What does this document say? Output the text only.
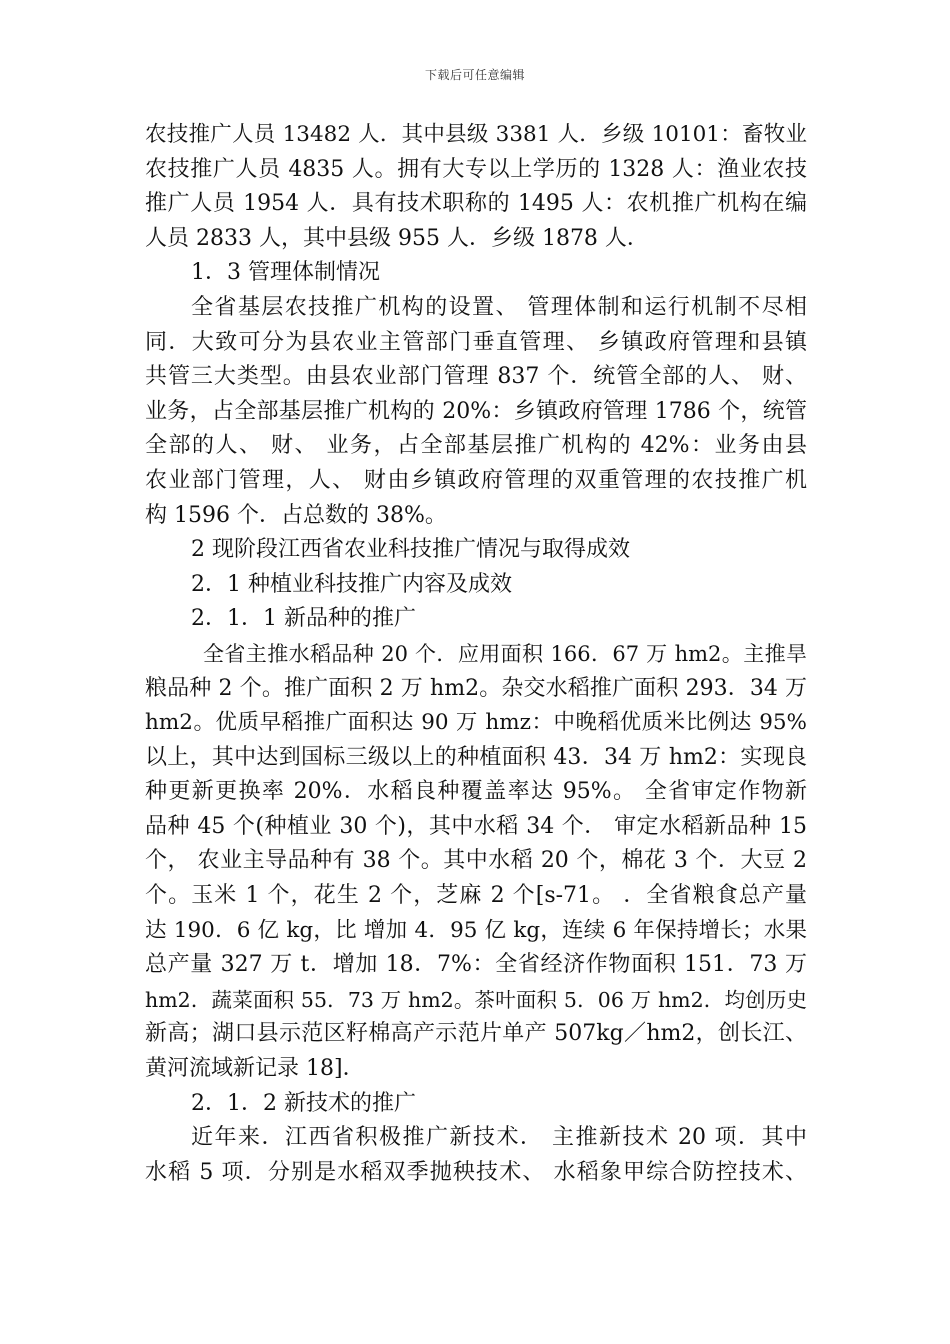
下载后可任意编辑
农技推广人员 13482 人．其中县级 3381 人．乡级 10101：畜牧业
农技推广人员 4835 人。拥有大专以上学历的 1328 人：渔业农技
推广人员 1954 人．具有技术职称的 1495 人：农机推广机构在编
人员 2833 人，其中县级 955 人．乡级 1878 人．
1．3 管理体制情况
全省基层农技推广机构的设置、 管理体制和运行机制不尽相
同．大致可分为县农业主管部门垂直管理、 乡镇政府管理和县镇
共管三大类型。由县农业部门管理 837 个．统管全部的人、 财、
业务，占全部基层推广机构的 20%：乡镇政府管理 1786 个，统管
全部的人、 财、 业务，占全部基层推广机构的 42%：业务由县
农业部门管理，人、 财由乡镇政府管理的双重管理的农技推广机
构 1596 个．占总数的 38%。
2 现阶段江西省农业科技推广情况与取得成效
2．1 种植业科技推广内容及成效
2．1．1 新品种的推广
全省主推水稻品种 20 个．应用面积 166．67 万 hm2。主推旱
粮品种 2 个。推广面积 2 万 hm2。杂交水稻推广面积 293．34 万
hm2。优质早稻推广面积达 90 万 hmz：中晚稻优质米比例达 95%
以上，其中达到国标三级以上的种植面积 43．34 万 hm2：实现良
种更新更换率 20%．水稻良种覆盖率达 95%。 全省审定作物新
品种 45 个(种植业 30 个)，其中水稻 34 个． 审定水稻新品种 15
个， 农业主导品种有 38 个。其中水稻 20 个，棉花 3 个．大豆 2
个。玉米 1 个，花生 2 个，芝麻 2 个[s-71。 ．全省粮食总产量
达 190．6 亿 kg，比 增加 4．95 亿 kg，连续 6 年保持增长；水果
总产量 327 万 t．增加 18．7%：全省经济作物面积 151．73 万
hm2．蔬菜面积 55．73 万 hm2。茶叶面积 5．06 万 hm2．均创历史
新高；湖口县示范区籽棉高产示范片单产 507kg／hm2，创长江、
黄河流域新记录 18]．
2．1．2 新技术的推广
近年来．江西省积极推广新技术． 主推新技术 20 项．其中
水稻 5 项．分别是水稻双季抛秧技术、 水稻象甲综合防控技术、
